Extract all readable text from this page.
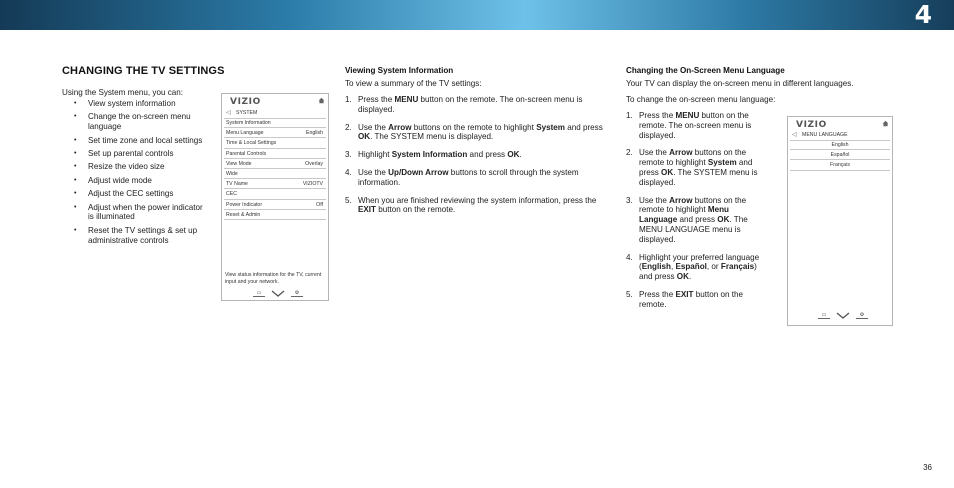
4
CHANGING THE TV SETTINGS
Using the System menu, you can:
• View system information
• Change the on-screen menu language
• Set time zone and local settings
• Set up parental controls
• Resize the video size
• Adjust wide mode
• Adjust the CEC settings
• Adjust when the power indicator is illuminated
• Reset the TV settings & set up administrative controls
VIZIO
◁ SYSTEM
System Information
Menu Language	English
Time & Local Settings
Parental Controls
View Mode	Overlay
Wide
TV Name	VIZIOTV
CEC
Power Indicator	Off
Reset & Admin
View status information for the TV, current input and your network.
▭	⚙
Viewing System Information
To view a summary of the TV settings:
1. Press the MENU button on the remote. The on-screen menu is displayed.
2. Use the Arrow buttons on the remote to highlight System and press OK. The SYSTEM menu is displayed.
3. Highlight System Information and press OK.
4. Use the Up/Down Arrow buttons to scroll through the system information.
5. When you are finished reviewing the system information, press the EXIT button on the remote.
Changing the On-Screen Menu Language
Your TV can display the on-screen menu in different languages.
To change the on-screen menu language:
1. Press the MENU button on the remote. The on-screen menu is displayed.
2. Use the Arrow buttons on the remote to highlight System and press OK. The SYSTEM menu is displayed.
3. Use the Arrow buttons on the remote to highlight Menu Language and press OK. The MENU LANGUAGE menu is displayed.
4. Highlight your preferred language (English, Español, or Français) and press OK.
5. Press the EXIT button on the remote.
VIZIO
◁ MENU LANGUAGE
English
Español
Français
▭	⚙
36
